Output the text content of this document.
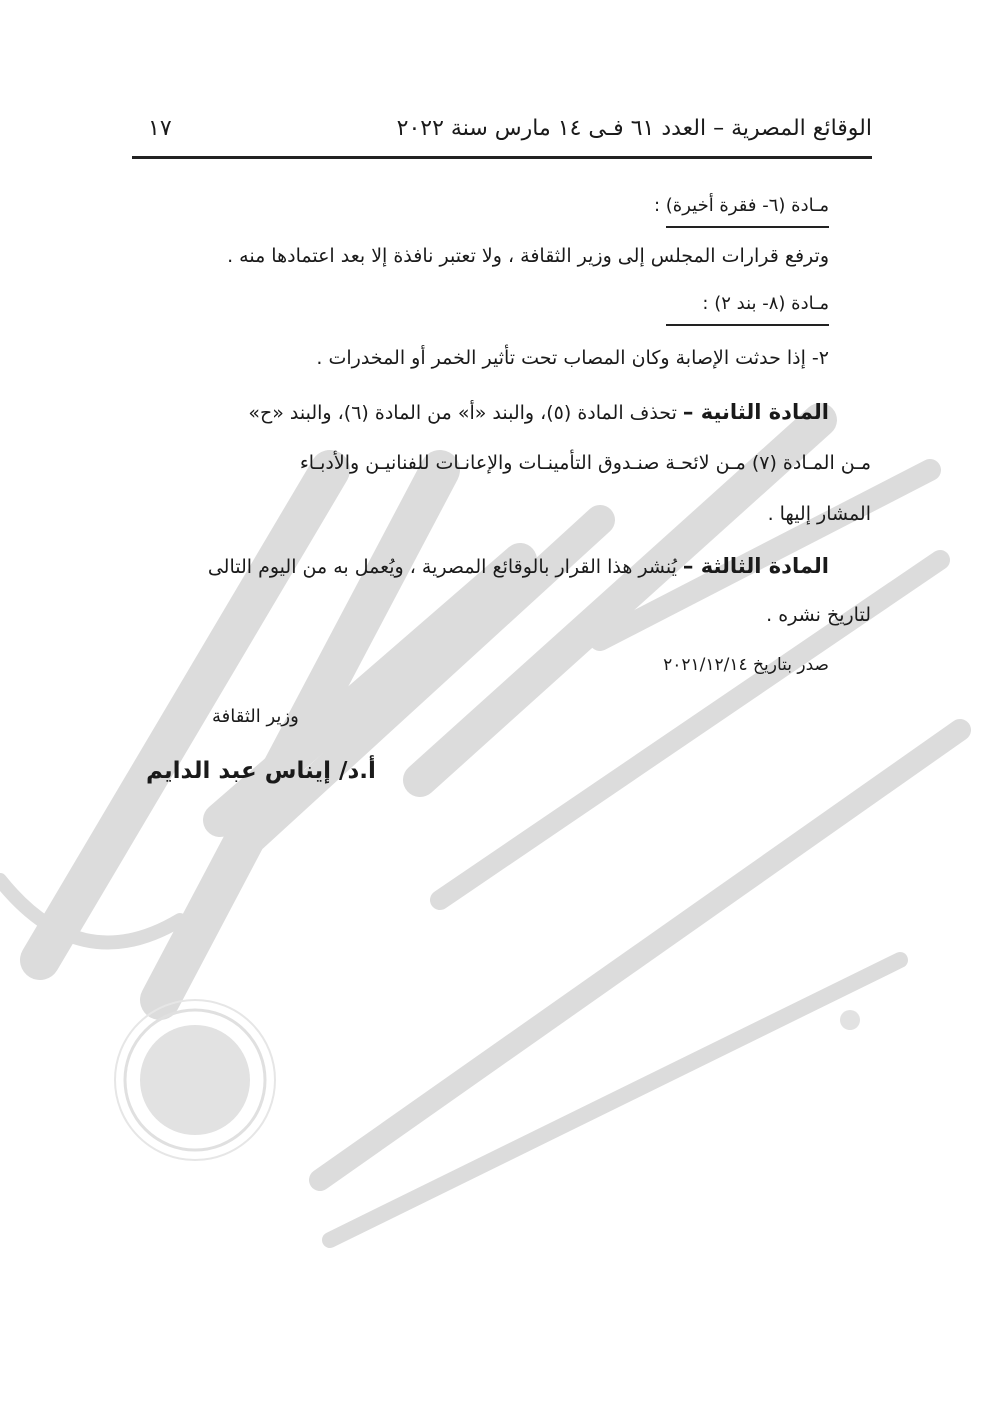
الوقائع المصرية – العدد ٦١ فـى ١٤ مارس سنة ٢٠٢٢
١٧
مـادة (٦- فقرة أخيرة) :
وترفع قرارات المجلس إلى وزير الثقافة ، ولا تعتبر نافذة إلا بعد اعتمادها منه .
مـادة (٨- بند ٢) :
٢- إذا حدثت الإصابة وكان المصاب تحت تأثير الخمر أو المخدرات .
المادة الثانية – تحذف المادة (٥)، والبند «أ» من المادة (٦)، والبند «ح»
مـن المـادة (٧) مـن لائحـة صنـدوق التأمينـات والإعانـات للفنانيـن والأدبـاء
المشار إليها .
المادة الثالثة – يُنشر هذا القرار بالوقائع المصرية ، ويُعمل به من اليوم التالى
لتاريخ نشره .
صدر بتاريخ ٢٠٢١/١٢/١٤
وزير الثقافة
أ.د/ إيناس عبد الدايم
